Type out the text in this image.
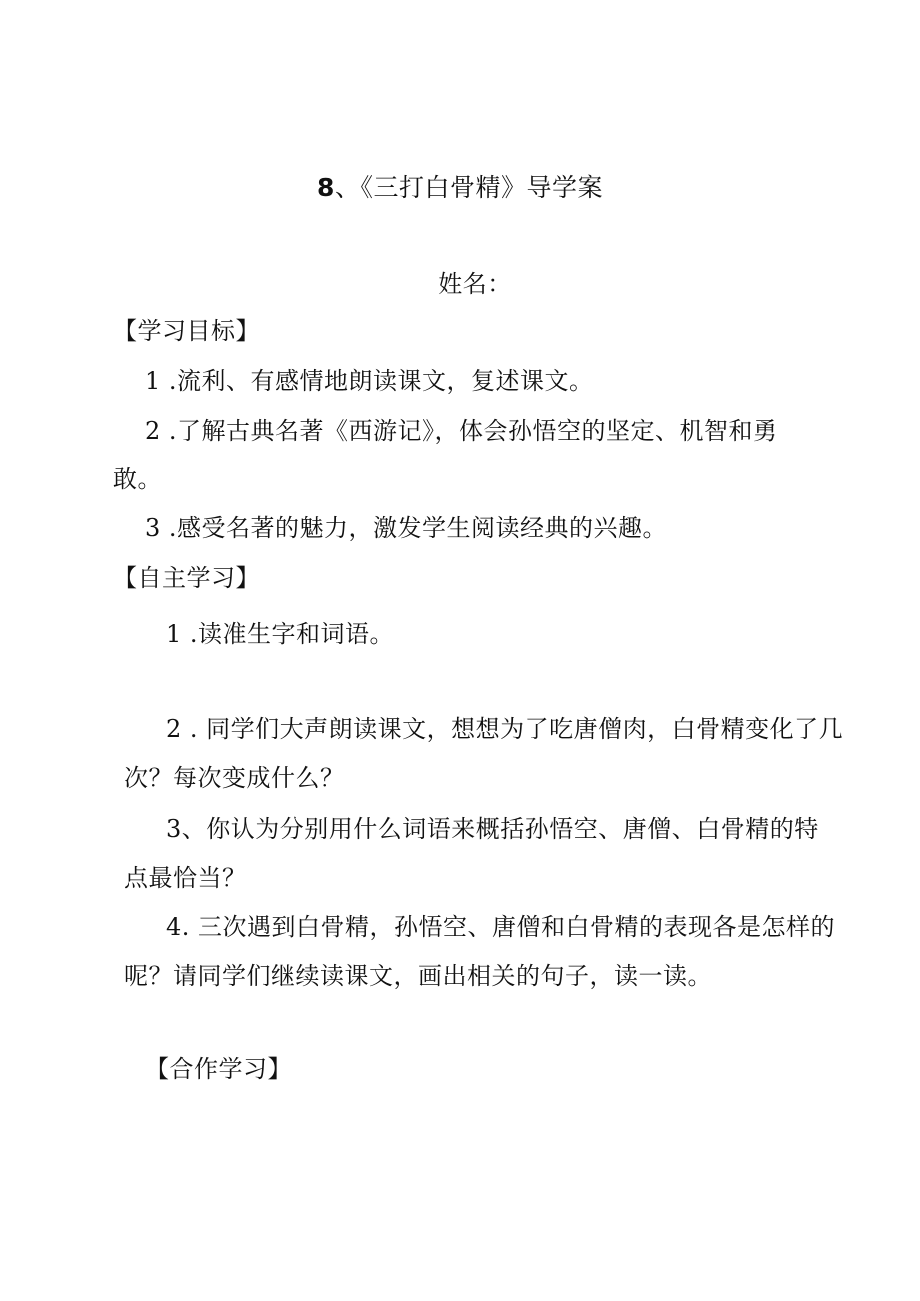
8、《三打白骨精》导学案
姓名：
【学习目标】
1 .流利、有感情地朗读课文，复述课文。
2 .了解古典名著《西游记》，体会孙悟空的坚定、机智和勇
敢。
3 .感受名著的魅力，激发学生阅读经典的兴趣。
【自主学习】
1 .读准生字和词语。
2 . 同学们大声朗读课文，想想为了吃唐僧肉，白骨精变化了几
次？每次变成什么？
3、你认为分别用什么词语来概括孙悟空、唐僧、白骨精的特
点最恰当？
4. 三次遇到白骨精，孙悟空、唐僧和白骨精的表现各是怎样的
呢？请同学们继续读课文，画出相关的句子，读一读。
【合作学习】
